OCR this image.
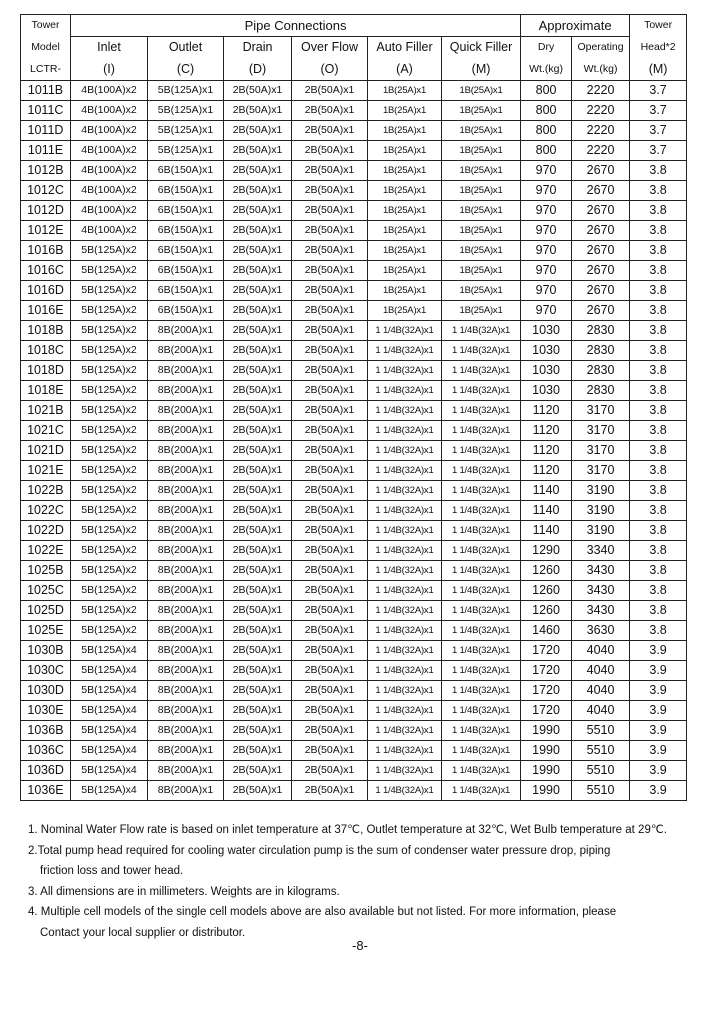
Tower	Pipe Connections						Approximate		Tower
Model	Inlet	Outlet	Drain	Over Flow	Auto Filler	Quick Filler	Dry	Operating	Head*2
LCTR-	(I)	(C)	(D)	(O)	(A)	(M)	Wt.(kg)	Wt.(kg)	(M)
1011B	4B(100A)x2	5B(125A)x1	2B(50A)x1	2B(50A)x1	1B(25A)x1	1B(25A)x1	800	2220	3.7
1011C	4B(100A)x2	5B(125A)x1	2B(50A)x1	2B(50A)x1	1B(25A)x1	1B(25A)x1	800	2220	3.7
1011D	4B(100A)x2	5B(125A)x1	2B(50A)x1	2B(50A)x1	1B(25A)x1	1B(25A)x1	800	2220	3.7
1011E	4B(100A)x2	5B(125A)x1	2B(50A)x1	2B(50A)x1	1B(25A)x1	1B(25A)x1	800	2220	3.7
1012B	4B(100A)x2	6B(150A)x1	2B(50A)x1	2B(50A)x1	1B(25A)x1	1B(25A)x1	970	2670	3.8
1012C	4B(100A)x2	6B(150A)x1	2B(50A)x1	2B(50A)x1	1B(25A)x1	1B(25A)x1	970	2670	3.8
1012D	4B(100A)x2	6B(150A)x1	2B(50A)x1	2B(50A)x1	1B(25A)x1	1B(25A)x1	970	2670	3.8
1012E	4B(100A)x2	6B(150A)x1	2B(50A)x1	2B(50A)x1	1B(25A)x1	1B(25A)x1	970	2670	3.8
1016B	5B(125A)x2	6B(150A)x1	2B(50A)x1	2B(50A)x1	1B(25A)x1	1B(25A)x1	970	2670	3.8
1016C	5B(125A)x2	6B(150A)x1	2B(50A)x1	2B(50A)x1	1B(25A)x1	1B(25A)x1	970	2670	3.8
1016D	5B(125A)x2	6B(150A)x1	2B(50A)x1	2B(50A)x1	1B(25A)x1	1B(25A)x1	970	2670	3.8
1016E	5B(125A)x2	6B(150A)x1	2B(50A)x1	2B(50A)x1	1B(25A)x1	1B(25A)x1	970	2670	3.8
1018B	5B(125A)x2	8B(200A)x1	2B(50A)x1	2B(50A)x1	1 1/4B(32A)x1	1 1/4B(32A)x1	1030	2830	3.8
1018C	5B(125A)x2	8B(200A)x1	2B(50A)x1	2B(50A)x1	1 1/4B(32A)x1	1 1/4B(32A)x1	1030	2830	3.8
1018D	5B(125A)x2	8B(200A)x1	2B(50A)x1	2B(50A)x1	1 1/4B(32A)x1	1 1/4B(32A)x1	1030	2830	3.8
1018E	5B(125A)x2	8B(200A)x1	2B(50A)x1	2B(50A)x1	1 1/4B(32A)x1	1 1/4B(32A)x1	1030	2830	3.8
1021B	5B(125A)x2	8B(200A)x1	2B(50A)x1	2B(50A)x1	1 1/4B(32A)x1	1 1/4B(32A)x1	1120	3170	3.8
1021C	5B(125A)x2	8B(200A)x1	2B(50A)x1	2B(50A)x1	1 1/4B(32A)x1	1 1/4B(32A)x1	1120	3170	3.8
1021D	5B(125A)x2	8B(200A)x1	2B(50A)x1	2B(50A)x1	1 1/4B(32A)x1	1 1/4B(32A)x1	1120	3170	3.8
1021E	5B(125A)x2	8B(200A)x1	2B(50A)x1	2B(50A)x1	1 1/4B(32A)x1	1 1/4B(32A)x1	1120	3170	3.8
1022B	5B(125A)x2	8B(200A)x1	2B(50A)x1	2B(50A)x1	1 1/4B(32A)x1	1 1/4B(32A)x1	1140	3190	3.8
1022C	5B(125A)x2	8B(200A)x1	2B(50A)x1	2B(50A)x1	1 1/4B(32A)x1	1 1/4B(32A)x1	1140	3190	3.8
1022D	5B(125A)x2	8B(200A)x1	2B(50A)x1	2B(50A)x1	1 1/4B(32A)x1	1 1/4B(32A)x1	1140	3190	3.8
1022E	5B(125A)x2	8B(200A)x1	2B(50A)x1	2B(50A)x1	1 1/4B(32A)x1	1 1/4B(32A)x1	1290	3340	3.8
1025B	5B(125A)x2	8B(200A)x1	2B(50A)x1	2B(50A)x1	1 1/4B(32A)x1	1 1/4B(32A)x1	1260	3430	3.8
1025C	5B(125A)x2	8B(200A)x1	2B(50A)x1	2B(50A)x1	1 1/4B(32A)x1	1 1/4B(32A)x1	1260	3430	3.8
1025D	5B(125A)x2	8B(200A)x1	2B(50A)x1	2B(50A)x1	1 1/4B(32A)x1	1 1/4B(32A)x1	1260	3430	3.8
1025E	5B(125A)x2	8B(200A)x1	2B(50A)x1	2B(50A)x1	1 1/4B(32A)x1	1 1/4B(32A)x1	1460	3630	3.8
1030B	5B(125A)x4	8B(200A)x1	2B(50A)x1	2B(50A)x1	1 1/4B(32A)x1	1 1/4B(32A)x1	1720	4040	3.9
1030C	5B(125A)x4	8B(200A)x1	2B(50A)x1	2B(50A)x1	1 1/4B(32A)x1	1 1/4B(32A)x1	1720	4040	3.9
1030D	5B(125A)x4	8B(200A)x1	2B(50A)x1	2B(50A)x1	1 1/4B(32A)x1	1 1/4B(32A)x1	1720	4040	3.9
1030E	5B(125A)x4	8B(200A)x1	2B(50A)x1	2B(50A)x1	1 1/4B(32A)x1	1 1/4B(32A)x1	1720	4040	3.9
1036B	5B(125A)x4	8B(200A)x1	2B(50A)x1	2B(50A)x1	1 1/4B(32A)x1	1 1/4B(32A)x1	1990	5510	3.9
1036C	5B(125A)x4	8B(200A)x1	2B(50A)x1	2B(50A)x1	1 1/4B(32A)x1	1 1/4B(32A)x1	1990	5510	3.9
1036D	5B(125A)x4	8B(200A)x1	2B(50A)x1	2B(50A)x1	1 1/4B(32A)x1	1 1/4B(32A)x1	1990	5510	3.9
1036E	5B(125A)x4	8B(200A)x1	2B(50A)x1	2B(50A)x1	1 1/4B(32A)x1	1 1/4B(32A)x1	1990	5510	3.9

1. Nominal Water Flow rate is based on inlet temperature at 37℃, Outlet temperature at 32℃, Wet Bulb temperature at 29℃.

2.Total pump head required for cooling water circulation pump is the sum of condenser water pressure drop, piping

friction loss and tower head.

3. All dimensions are in millimeters. Weights are in kilograms.

4. Multiple cell models of the single cell models above are also available but not listed. For more information, please

Contact your local supplier or distributor.

-8-
